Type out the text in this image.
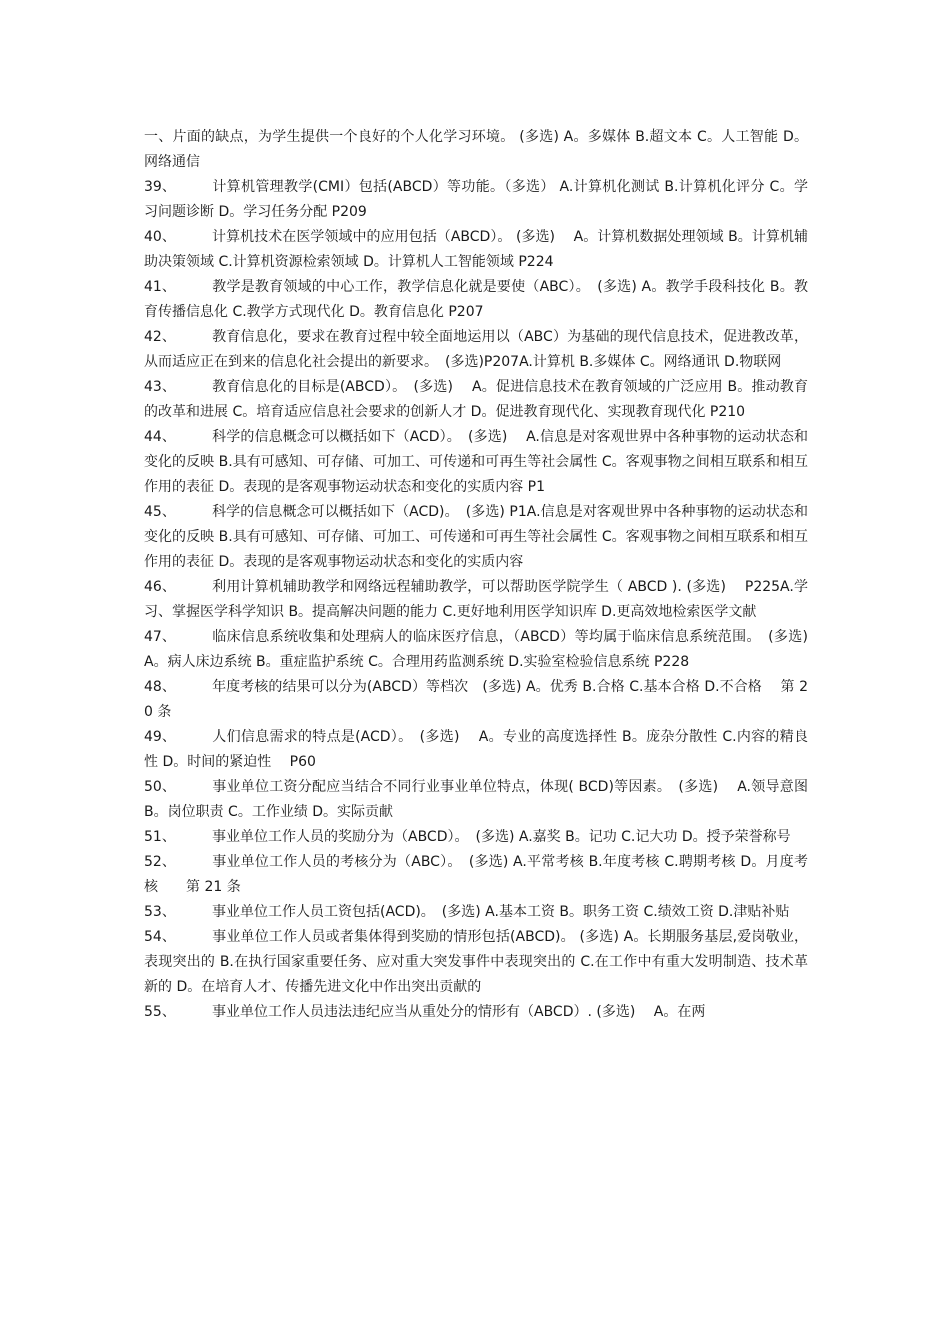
一、片面的缺点，为学生提供一个良好的个人化学习环境。 (多选) A。多媒体 B.超文本 C。人工智能 D。网络通信

39、	计算机管理教学(CMI）包括(ABCD）等功能。（多选） A.计算机化测试 B.计算机化评分 C。学习问题诊断 D。学习任务分配 P209

40、	计算机技术在医学领域中的应用包括（ABCD）。 (多选)　 A。计算机数据处理领域 B。计算机辅助决策领域 C.计算机资源检索领域 D。计算机人工智能领域 P224

41、	教学是教育领域的中心工作，教学信息化就是要使（ABC）。　(多选) A。教学手段科技化 B。教育传播信息化 C.教学方式现代化 D。教育信息化 P207

42、	教育信息化，要求在教育过程中较全面地运用以（ABC）为基础的现代信息技术，促进教改革，从而适应正在到来的信息化社会提出的新要求。　(多选)P207A.计算机 B.多媒体 C。网络通讯 D.物联网

43、	教育信息化的目标是(ABCD）。　(多选)　 A。促进信息技术在教育领域的广泛应用 B。推动教育的改革和进展 C。培育适应信息社会要求的创新人才 D。促进教育现代化、实现教育现代化 P210

44、	科学的信息概念可以概括如下（ACD）。　(多选)　 A.信息是对客观世界中各种事物的运动状态和变化的反映 B.具有可感知、可存储、可加工、可传递和可再生等社会属性 C。客观事物之间相互联系和相互作用的表征 D。表现的是客观事物运动状态和变化的实质内容 P1

45、	科学的信息概念可以概括如下（ACD)。　(多选) P1A.信息是对客观世界中各种事物的运动状态和变化的反映 B.具有可感知、可存储、可加工、可传递和可再生等社会属性 C。客观事物之间相互联系和相互作用的表征 D。表现的是客观事物运动状态和变化的实质内容

46、	利用计算机辅助教学和网络远程辅助教学，可以帮助医学院学生（ ABCD ). (多选)　 P225A.学习、掌握医学科学知识 B。提高解决问题的能力 C.更好地利用医学知识库 D.更高效地检索医学文献

47、	临床信息系统收集和处理病人的临床医疗信息，（ABCD）等均属于临床信息系统范围。　(多选)　 A。病人床边系统 B。重症监护系统 C。合理用药监测系统 D.实验室检验信息系统 P228

48、	年度考核的结果可以分为(ABCD）等档次　(多选) A。优秀 B.合格 C.基本合格 D.不合格　 第 20 条

49、	人们信息需求的特点是(ACD）。　(多选)　 A。专业的高度选择性 B。庞杂分散性 C.内容的精良性 D。时间的紧迫性　 P60

50、	事业单位工资分配应当结合不同行业事业单位特点，体现( BCD)等因素。　(多选)　 A.领导意图 B。岗位职责 C。工作业绩 D。实际贡献

51、	事业单位工作人员的奖励分为（ABCD）。　(多选) A.嘉奖 B。记功 C.记大功 D。授予荣誉称号

52、	事业单位工作人员的考核分为（ABC）。　(多选) A.平常考核 B.年度考核 C.聘期考核 D。月度考核　　第 21 条

53、	事业单位工作人员工资包括(ACD)。　(多选) A.基本工资 B。职务工资 C.绩效工资 D.津贴补贴

54、	事业单位工作人员或者集体得到奖励的情形包括(ABCD)。 (多选) A。长期服务基层,爱岗敬业，表现突出的 B.在执行国家重要任务、应对重大突发事件中表现突出的 C.在工作中有重大发明制造、技术革新的 D。在培育人才、传播先进文化中作出突出贡献的

55、	事业单位工作人员违法违纪应当从重处分的情形有（ABCD）. (多选)　 A。在两
